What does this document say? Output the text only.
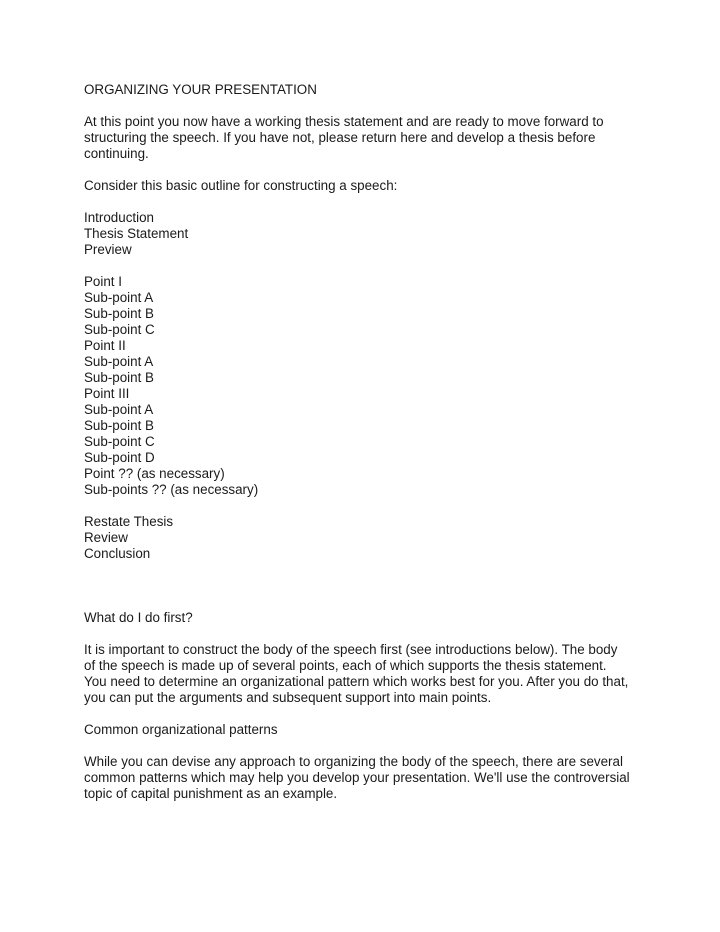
ORGANIZING YOUR PRESENTATION
At this point you now have a working thesis statement and are ready to move forward to
structuring the speech. If you have not, please return here and develop a thesis before
continuing.
Consider this basic outline for constructing a speech:
Introduction
Thesis Statement
Preview
Point I
Sub-point A
Sub-point B
Sub-point C
Point II
Sub-point A
Sub-point B
Point III
Sub-point A
Sub-point B
Sub-point C
Sub-point D
Point ?? (as necessary)
Sub-points ?? (as necessary)
Restate Thesis
Review
Conclusion
What do I do first?
It is important to construct the body of the speech first (see introductions below). The body
of the speech is made up of several points, each of which supports the thesis statement.
You need to determine an organizational pattern which works best for you. After you do that,
you can put the arguments and subsequent support into main points.
Common organizational patterns
While you can devise any approach to organizing the body of the speech, there are several
common patterns which may help you develop your presentation. We'll use the controversial
topic of capital punishment as an example.
